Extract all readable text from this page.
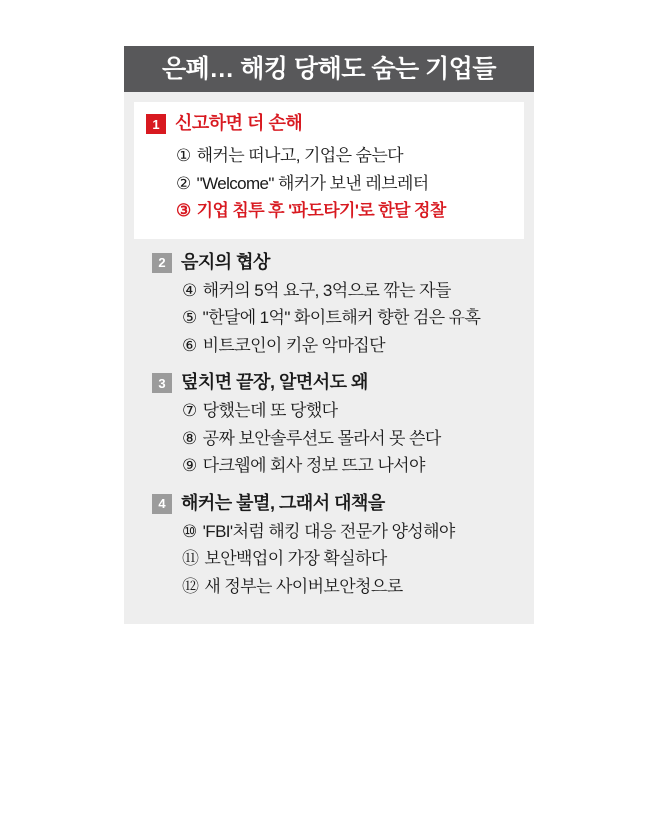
은폐… 해킹 당해도 숨는 기업들
1 신고하면 더 손해
① 해커는 떠나고, 기업은 숨는다
② "Welcome" 해커가 보낸 레브레터
③ 기업 침투 후 '파도타기'로 한달 정찰
2 음지의 협상
④ 해커의 5억 요구, 3억으로 깎는 자들
⑤ "한달에 1억" 화이트해커 향한 검은 유혹
⑥ 비트코인이 키운 악마집단
3 덮치면 끝장, 알면서도 왜
⑦ 당했는데 또 당했다
⑧ 공짜 보안솔루션도 몰라서 못 쓴다
⑨ 다크웹에 회사 정보 뜨고 나서야
4 해커는 불멸, 그래서 대책을
⑩ 'FBI'처럼 해킹 대응 전문가 양성해야
⑪ 보안백업이 가장 확실하다
⑫ 새 정부는 사이버보안청으로
